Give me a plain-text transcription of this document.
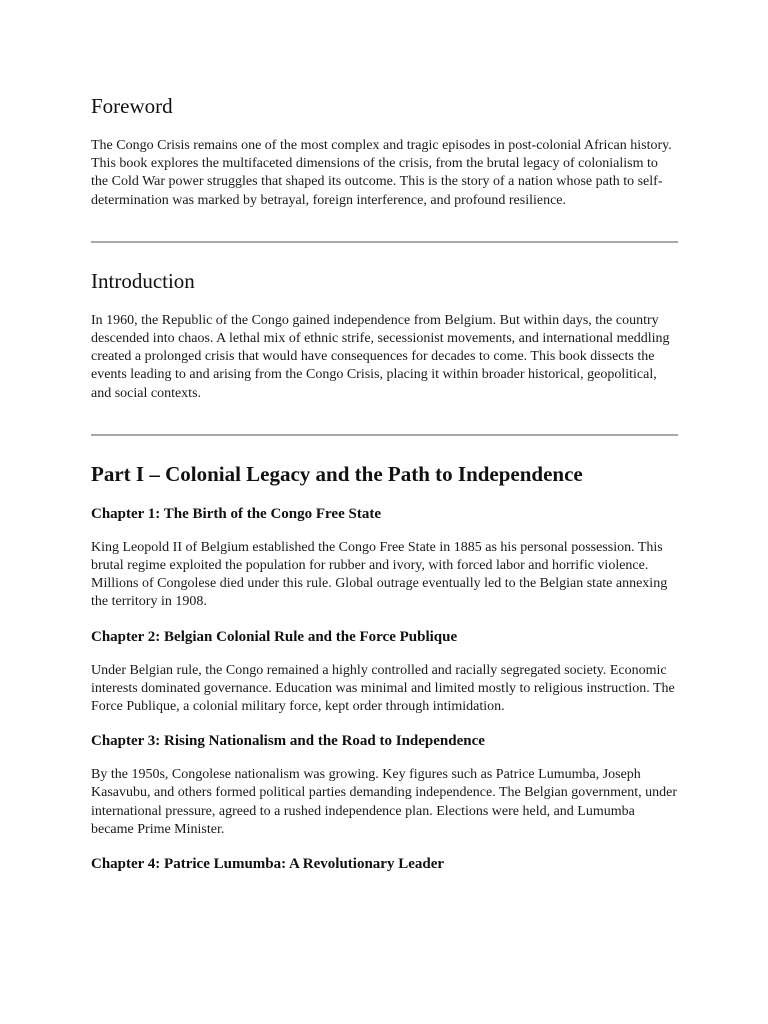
Foreword

The Congo Crisis remains one of the most complex and tragic episodes in post-colonial African history. This book explores the multifaceted dimensions of the crisis, from the brutal legacy of colonialism to the Cold War power struggles that shaped its outcome. This is the story of a nation whose path to self-determination was marked by betrayal, foreign interference, and profound resilience.

Introduction

In 1960, the Republic of the Congo gained independence from Belgium. But within days, the country descended into chaos. A lethal mix of ethnic strife, secessionist movements, and international meddling created a prolonged crisis that would have consequences for decades to come. This book dissects the events leading to and arising from the Congo Crisis, placing it within broader historical, geopolitical, and social contexts.

Part I – Colonial Legacy and the Path to Independence
Chapter 1: The Birth of the Congo Free State

King Leopold II of Belgium established the Congo Free State in 1885 as his personal possession. This brutal regime exploited the population for rubber and ivory, with forced labor and horrific violence. Millions of Congolese died under this rule. Global outrage eventually led to the Belgian state annexing the territory in 1908.

Chapter 2: Belgian Colonial Rule and the Force Publique

Under Belgian rule, the Congo remained a highly controlled and racially segregated society. Economic interests dominated governance. Education was minimal and limited mostly to religious instruction. The Force Publique, a colonial military force, kept order through intimidation.

Chapter 3: Rising Nationalism and the Road to Independence

By the 1950s, Congolese nationalism was growing. Key figures such as Patrice Lumumba, Joseph Kasavubu, and others formed political parties demanding independence. The Belgian government, under international pressure, agreed to a rushed independence plan. Elections were held, and Lumumba became Prime Minister.

Chapter 4: Patrice Lumumba: A Revolutionary Leader
